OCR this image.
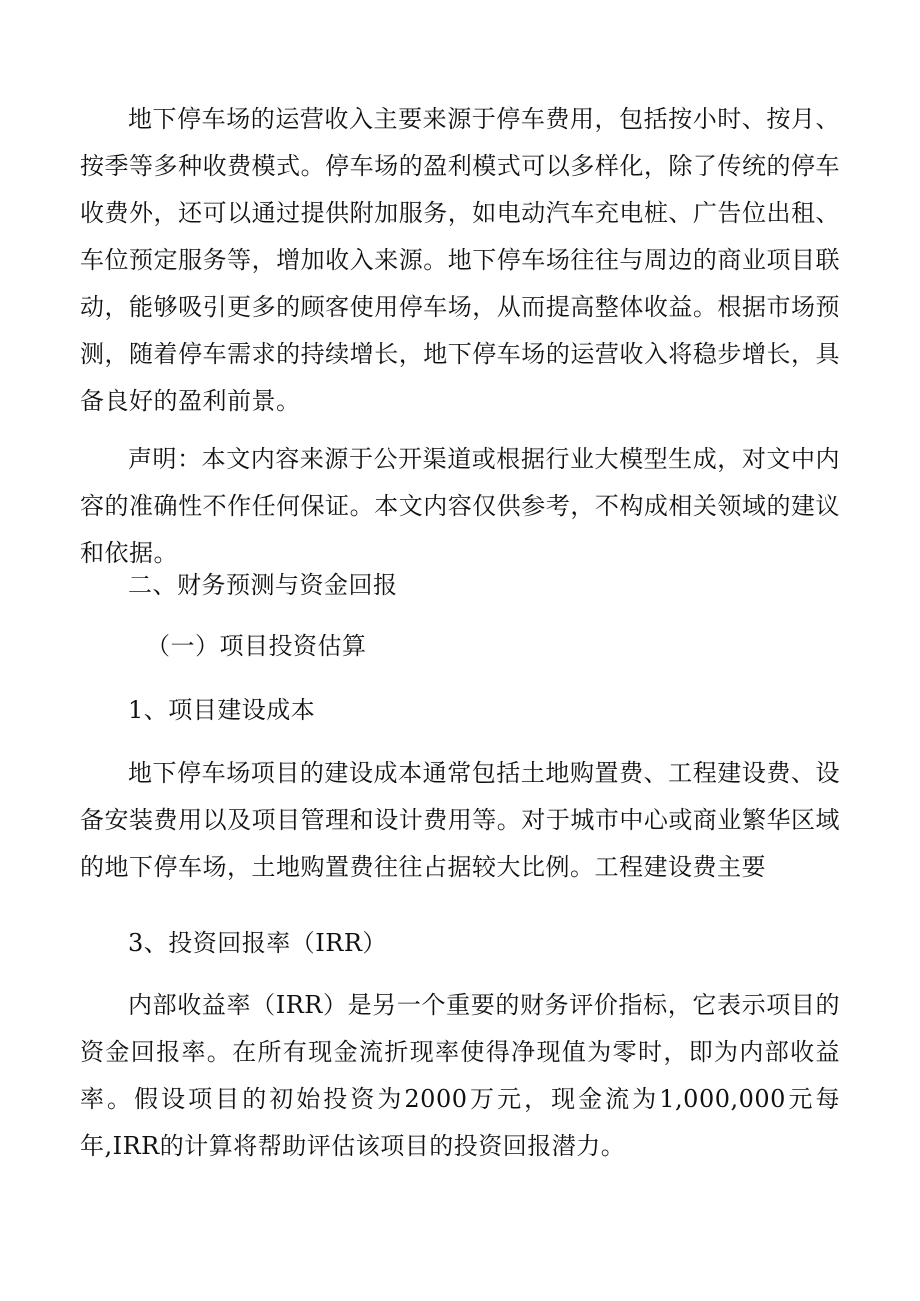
地下停车场的运营收入主要来源于停车费用，包括按小时、按月、按季等多种收费模式。停车场的盈利模式可以多样化，除了传统的停车收费外，还可以通过提供附加服务，如电动汽车充电桩、广告位出租、车位预定服务等，增加收入来源。地下停车场往往与周边的商业项目联动，能够吸引更多的顾客使用停车场，从而提高整体收益。根据市场预测，随着停车需求的持续增长，地下停车场的运营收入将稳步增长，具备良好的盈利前景。

声明：本文内容来源于公开渠道或根据行业大模型生成，对文中内容的准确性不作任何保证。本文内容仅供参考，不构成相关领域的建议和依据。

二、财务预测与资金回报

（一）项目投资估算

1、项目建设成本

地下停车场项目的建设成本通常包括土地购置费、工程建设费、设备安装费用以及项目管理和设计费用等。对于城市中心或商业繁华区域的地下停车场，土地购置费往往占据较大比例。工程建设费主要

3、投资回报率（IRR）

内部收益率（IRR）是另一个重要的财务评价指标，它表示项目的资金回报率。在所有现金流折现率使得净现值为零时，即为内部收益率。假设项目的初始投资为2000万元，现金流为1,000,000元每年,IRR的计算将帮助评估该项目的投资回报潜力。
